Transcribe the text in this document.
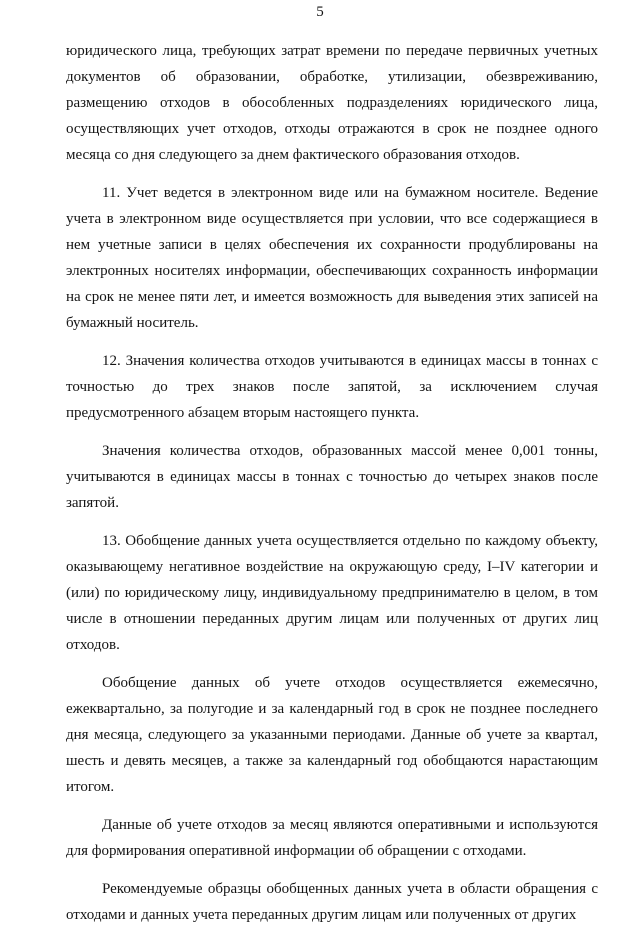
5

юридического лица, требующих затрат времени по передаче первичных учетных документов об образовании, обработке, утилизации, обезвреживанию, размещению отходов в обособленных подразделениях юридического лица, осуществляющих учет отходов, отходы отражаются в срок не позднее одного месяца со дня следующего за днем фактического образования отходов.

11. Учет ведется в электронном виде или на бумажном носителе. Ведение учета в электронном виде осуществляется при условии, что все содержащиеся в нем учетные записи в целях обеспечения их сохранности продублированы на электронных носителях информации, обеспечивающих сохранность информации на срок не менее пяти лет, и имеется возможность для выведения этих записей на бумажный носитель.

12. Значения количества отходов учитываются в единицах массы в тоннах с точностью до трех знаков после запятой, за исключением случая предусмотренного абзацем вторым настоящего пункта.

Значения количества отходов, образованных массой менее 0,001 тонны, учитываются в единицах массы в тоннах с точностью до четырех знаков после запятой.

13. Обобщение данных учета осуществляется отдельно по каждому объекту, оказывающему негативное воздействие на окружающую среду, I–IV категории и (или) по юридическому лицу, индивидуальному предпринимателю в целом, в том числе в отношении переданных другим лицам или полученных от других лиц отходов.

Обобщение данных об учете отходов осуществляется ежемесячно, ежеквартально, за полугодие и за календарный год в срок не позднее последнего дня месяца, следующего за указанными периодами. Данные об учете за квартал, шесть и девять месяцев, а также за календарный год обобщаются нарастающим итогом.

Данные об учете отходов за месяц являются оперативными и используются для формирования оперативной информации об обращении с отходами.

Рекомендуемые образцы обобщенных данных учета в области обращения с отходами и данных учета переданных другим лицам или полученных от других
